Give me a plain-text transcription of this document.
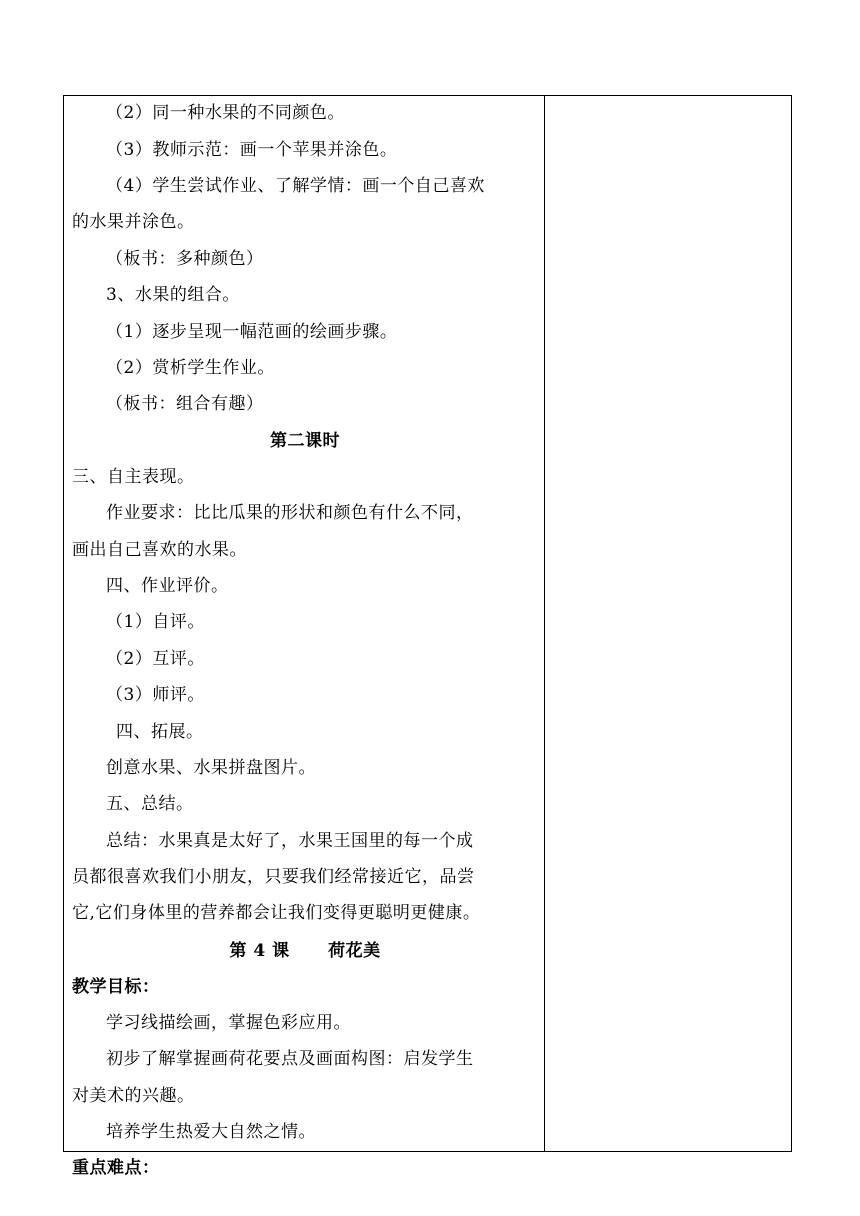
（2）同一种水果的不同颜色。
（3）教师示范：画一个苹果并涂色。
（4）学生尝试作业、了解学情：画一个自己喜欢
的水果并涂色。
（板书：多种颜色）
3、水果的组合。
（1）逐步呈现一幅范画的绘画步骤。
（2）赏析学生作业。
（板书：组合有趣）
第二课时
三、自主表现。
作业要求：比比瓜果的形状和颜色有什么不同，
画出自己喜欢的水果。
四、作业评价。
（1）自评。
（2）互评。
（3）师评。
四、拓展。
创意水果、水果拼盘图片。
五、总结。
总结：水果真是太好了，水果王国里的每一个成
员都很喜欢我们小朋友，只要我们经常接近它，品尝
它,它们身体里的营养都会让我们变得更聪明更健康。
第 4 课      荷花美
教学目标：
学习线描绘画，掌握色彩应用。
初步了解掌握画荷花要点及画面构图：启发学生
对美术的兴趣。
培养学生热爱大自然之情。
重点难点：
